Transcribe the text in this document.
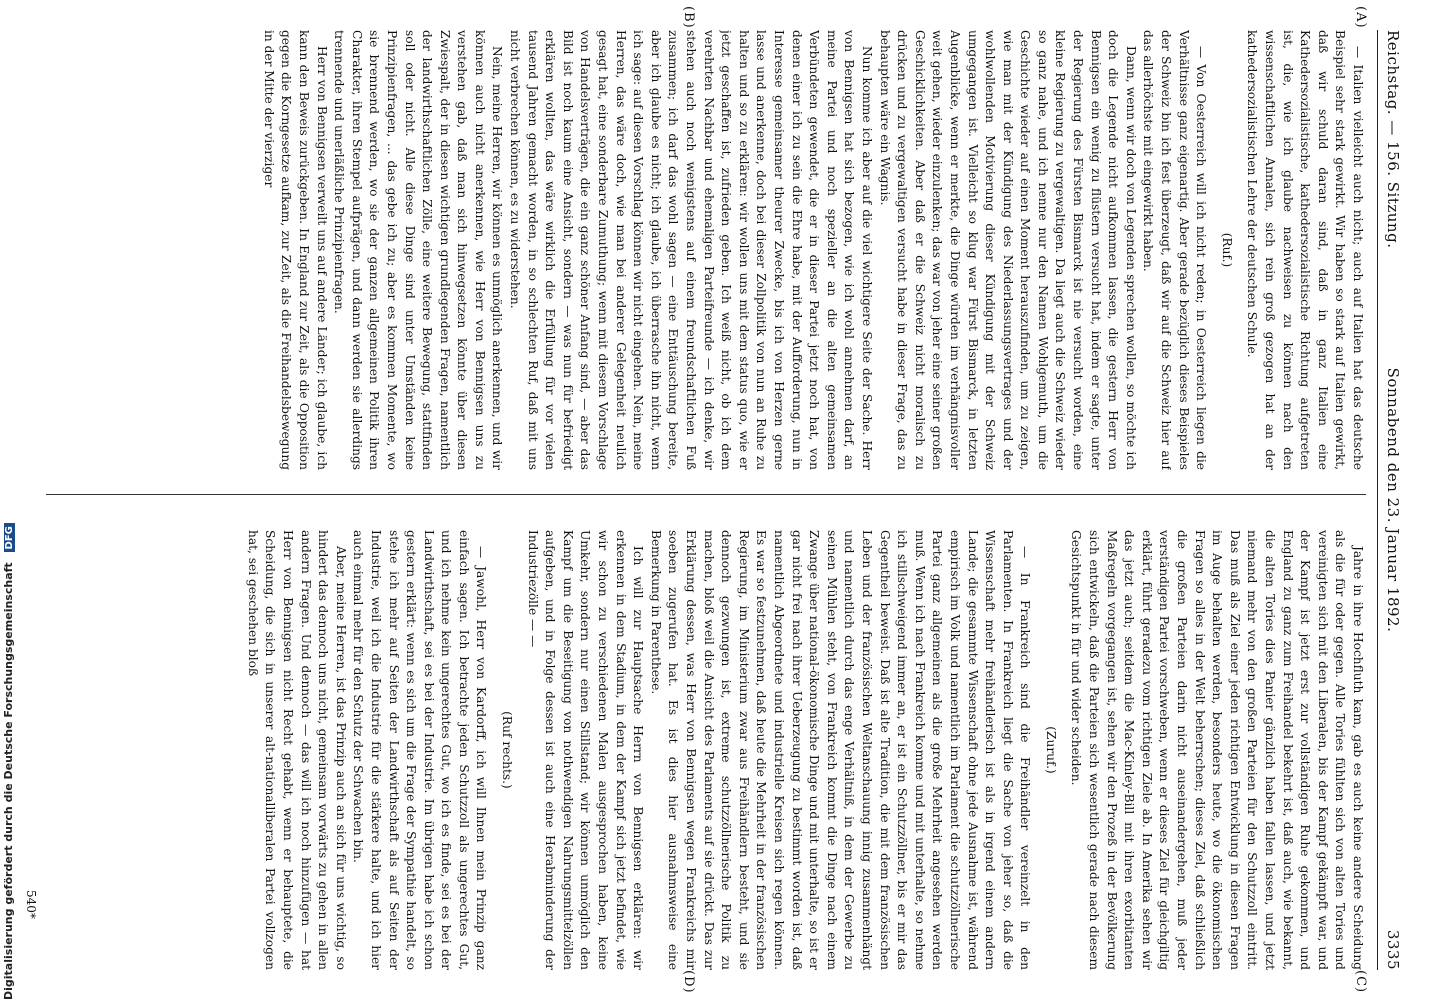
Reichstag. — 156. Sitzung.
Sonnabend den 23. Januar 1892.
3335
(A)
(B)
(C)
(D)

— Italien vielleicht auch nicht; auch auf Italien hat das deutsche Beispiel sehr stark gewirkt. Wir haben so stark auf Italien gewirkt, daß wir schuld daran sind, daß in ganz Italien eine Kathedersozialistische, kathedersozialistische Richtung aufgetreten ist, die, wie ich glaube nachweisen zu können nach den wissenschaftlichen Annalen, sich rein groß gezogen hat an der kathedersozialistischen Lehre der deutschen Schule.

(Ruf.)

— Von Oesterreich will ich nicht reden; in Oesterreich liegen die Verhältnisse ganz eigenartig. Aber gerade bezüglich dieses Beispieles der Schweiz bin ich fest überzeugt, daß wir auf die Schweiz hier auf das allerhöchste mit eingewirkt haben.

Dann, wenn wir doch von Legenden sprechen wollen, so möchte ich doch die Legende nicht aufkommen lassen, die gestern Herr von Bennigsen ein wenig zu flüstern versucht hat, indem er sagte, unter der Regierung des Fürsten Bismarck ist nie versucht worden, eine kleine Regierung zu vergewaltigen. Da liegt auch die Schweiz wieder so ganz nahe, und ich nenne nur den Namen Wohlgemuth, um die Geschichte wieder auf einen Moment herauszufinden, um zu zeigen, wie man mit der Kündigung des Niederlassungsvertrages und der wohlwollenden Motivierung dieser Kündigung mit der Schweiz umgegangen ist. Vielleicht so klug war Fürst Bismarck, in letzten Augenblicke, wenn er merkte, die Dinge würden im verhängnisvoller weit gehen, wieder einzulenken; das war von jeher eine seiner großen Geschicklichkeiten. Aber daß er die Schweiz nicht moralisch zu drücken und zu vergewaltigen versucht habe in dieser Frage, das zu behaupten wäre ein Wagnis.

Nun komme ich aber auf die viel wichtigere Seite der Sache. Herr von Bennigsen hat sich bezogen, wie ich wohl annehmen darf, an meine Partei und noch spezieller an die alten gemeinsamen Verbündeten gewendet, die er in dieser Partei jetzt noch hat, von denen einer ich zu sein die Ehre habe, mit der Aufforderung, nun in Interesse gemeinsamer theurer Zwecke, bis ich von Herzen gerne lasse und anerkenne, doch bei dieser Zollpolitik von nun an Ruhe zu halten und so zu erklären: wir wollen uns mit dem status quo, wie er jetzt geschaffen ist, zufrieden geben. Ich weiß nicht, ob ich dem verehrten Nachbar und ehemaligen Parteifreunde — ich denke, wir stehen auch noch wenigstens auf einem freundschaftlichen Fuß zusammen; ich darf das wohl sagen — eine Enttäuschung bereite, aber ich glaube es nicht; ich glaube, ich überrasche ihn nicht, wenn ich sage: auf diesen Vorschlag können wir nicht eingehen. Nein, meine Herren, das wäre doch, wie man bei anderer Gelegenheit neulich gesagt hat, eine sonderbare Zumuthung; wenn mit diesem Vorschlage von Handelsverträgen, die ein ganz schöner Anfang sind, — aber das Bild ist noch kaum eine Ansicht, sondern — was nun für befriedigt erklären wollten, das wäre wirklich die Erfüllung für vor vielen tausend Jahren gemacht worden, in so schlechten Ruf, daß mit uns nicht verbrechen können, es zu widerstehen.

Nein, meine Herren, wir können es unmöglich anerkennen, und wir können auch nicht anerkennen, wie Herr von Bennigsen uns zu verstehen gab, daß man sich hinwegsetzen könnte über diesen Zwiespalt, der in diesen wichtigen grundlegenden Fragen, namentlich der landwirthschaftlichen Zölle, eine weitere Bewegung, stattfinden soll oder nicht. Alle diese Dinge sind unter Umständen keine Prinzipienfragen, ... das gebe ich zu; aber es kommen Momente, wo sie brennend werden, wo sie der ganzen allgemeinen Politik ihren Charakter, ihren Stempel aufprägen, und dann werden sie allerdings trennende und unerläßliche Prinzipienfragen.

Herr von Bennigsen verweilt uns auf andere Länder; ich glaube, ich kann den Beweis zurückgeben. In England zur Zeit, als die Opposition gegen die Korngesetze aufkam, zur Zeit, als die Freihandelsbewegung in der Mitte der vierziger

Jahre in ihre Hochfluth kam, gab es auch keine andere Scheidung als die für oder gegen. Alle Tories fühlten sich von alten Tories und vereinigten sich mit den Liberalen, bis der Kampf gekämpft war, und der Kampf ist jetzt erst zur vollständigen Ruhe gekommen, und England zu ganz zum Freihandel bekehrt ist, daß auch, wie bekannt, die alten Tories dies Panier gänzlich haben fallen lassen, und jetzt niemand mehr von den großen Parteien für den Schutzzoll eintritt. Das muß als Ziel einer jeden richtigen Entwicklung in diesen Fragen im Auge behalten werden, besonders heute, wo die ökonomischen Fragen so alles in der Welt beherrschen; dieses Ziel, daß schließlich die großen Parteien darin nicht auseinandergehen, muß jeder verständigen Partei vorschweben, wenn er dieses Ziel für gleichgiltig erklärt, führt geradezu vom richtigen Ziele ab. In Amerika sehen wir das jetzt auch; seitdem die Mac-Kinley-Bill mit ihren exorbitanten Maßregeln vorgegangen ist, sehen wir den Prozeß in der Bevölkerung sich entwickeln, daß die Parteien sich wesentlich gerade nach diesem Gesichtspunkt in für und wider scheiden.

(Zuruf.)

— In Frankreich sind die Freihändler vereinzelt in den Parlamenten. In Frankreich liegt die Sache von jeher so, daß die Wissenschaft mehr freihändlerisch ist als in irgend einem andern Lande; die gesammte Wissenschaft ohne jede Ausnahme ist, während empirisch im Volk und namentlich im Parlament die schutzzöllnerische Partei ganz allgemeinen als die große Mehrheit angesehen werden muß. Wenn ich nach Frankreich komme und mit unterhalte, so nehme ich stillschweigend immer an, er ist ein Schutzzöllner, bis er mir das Gegentheil beweist. Daß ist alte Tradition, die mit dem französischen Leben und der französischen Weltanschauung innig zusammenhängt und namentlich durch das enge Verhältniß, in dem der Gewerbe zu seinen Mühlen steht, von Frankreich kommt die Dinge nach einem Zwange über national-ökonomische Dinge und mit unterhalte, so ist er gar nicht frei nach ihrer Ueberzeugung zu bestimmt worden ist, daß namentlich Abgeordnete und industrielle Kreisen sich regen können. Es war so festzunehmen, daß heute die Mehrheit in der französischen Regierung, im Ministerium zwar aus Freihändlern besteht, und sie dennoch gezwungen ist, extreme schutzzöllnerische Politik zu machen, bloß weil die Ansicht des Parlaments auf sie drückt. Das zur Erklärung dessen, was Herr von Bennigsen wegen Frankreichs mir soeben zugerufen hat. Es ist dies hier ausnahmsweise eine Bemerkung in Parenthese.

Ich will zur Hauptsache Herrn von Bennigsen erklären: wir erkennen in dem Stadium, in dem der Kampf sich jetzt befindet, wie wir schon zu verschiedenen Malen ausgesprochen haben, keine Umkehr, sondern nur einen Stillstand; wir können unmöglich den Kampf um die Beseitigung von nothwendigen Nahrungsmittelzöllen aufgeben, und in Folge dessen ist auch eine Herabminderung der Industriezölle — —

(Ruf rechts.)

— Jawohl, Herr von Kardorff, ich will Ihnen mein Prinzip ganz einfach sagen. Ich betrachte jeden Schutzzoll als ungerechtes Gut, und ich nehme kein ungerechtes Gut, wo ich es finde, sei es bei der Landwirthschaft, sei es bei der Industrie. Im übrigen habe ich schon gestern erklärt: wenn es sich um die Frage der Sympathie handelt, so stehe ich mehr auf Seiten der Landwirthschaft als auf Seiten der Industrie, weil ich die Industrie für die stärkere halte, und ich hier auch einmal mehr für den Schutz der Schwachen bin.

Aber, meine Herren, ist das Prinzip auch an sich für uns wichtig, so hindert das dennoch uns nicht, gemeinsam vorwärts zu gehen in allen andern Fragen. Und dennoch — das will ich noch hinzufügen — hat Herr von Bennigsen nicht Recht gehabt, wenn er behauptete, die Scheidung, die sich in unserer alt-nationalliberalen Partei vollzogen hat, sei geschehen bloß

540*
Digitalisierung gefördert durch die Deutsche Forschungsgemeinschaft DFG
